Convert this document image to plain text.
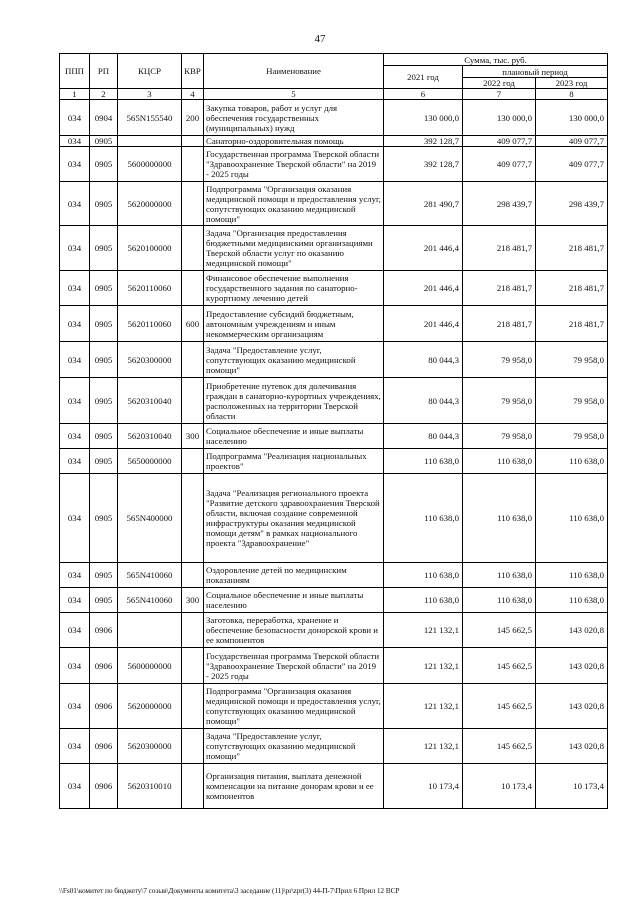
47
ППП	РП	КЦСР	КВР	Наименование	Сумма, тыс. руб.		
					2021 год	плановый период	
						2022 год	2023 год
1	2	3	4	5	6	7	8
034	0904	565N155540	200	Закупка товаров, работ и услуг для обеспечения государственных (муниципальных) нужд	130 000,0	130 000,0	130 000,0
034	0905			Санаторно-оздоровительная помощь	392 128,7	409 077,7	409 077,7
034	0905	5600000000		Государственная программа Тверской области "Здравоохранение Тверской области" на 2019 - 2025 годы	392 128,7	409 077,7	409 077,7
034	0905	5620000000		Подпрограмма "Организация оказания медицинской помощи и предоставления услуг, сопутствующих оказанию медицинской помощи"	281 490,7	298 439,7	298 439,7
034	0905	5620100000		Задача "Организация предоставления бюджетными медицинскими организациями Тверской области услуг по оказанию медицинской помощи"	201 446,4	218 481,7	218 481,7
034	0905	5620110060		Финансовое обеспечение выполнения государственного задания по санаторно-курортному лечению детей	201 446,4	218 481,7	218 481,7
034	0905	5620110060	600	Предоставление субсидий бюджетным, автономным учреждениям и иным некоммерческим организациям	201 446,4	218 481,7	218 481,7
034	0905	5620300000		Задача "Предоставление услуг, сопутствующих оказанию медицинской помощи"	80 044,3	79 958,0	79 958,0
034	0905	5620310040		Приобретение путевок для долечивания граждан в санаторно-курортных учреждениях, расположенных на территории Тверской области	80 044,3	79 958,0	79 958,0
034	0905	5620310040	300	Социальное обеспечение и иные выплаты населению	80 044,3	79 958,0	79 958,0
034	0905	5650000000		Подпрограмма "Реализация национальных проектов"	110 638,0	110 638,0	110 638,0
034	0905	565N400000		Задача "Реализация регионального проекта "Развитие детского здравоохранения Тверской области, включая создание современной инфраструктуры оказания медицинской помощи детям" в рамках национального проекта "Здравоохранение"	110 638,0	110 638,0	110 638,0
034	0905	565N410060		Оздоровление детей по медицинским показаниям	110 638,0	110 638,0	110 638,0
034	0905	565N410060	300	Социальное обеспечение и иные выплаты населению	110 638,0	110 638,0	110 638,0
034	0906			Заготовка, переработка, хранение и обеспечение безопасности донорской крови и ее компонентов	121 132,1	145 662,5	143 020,8
034	0906	5600000000		Государственная программа Тверской области "Здравоохранение Тверской области" на 2019 - 2025 годы	121 132,1	145 662,5	143 020,8
034	0906	5620000000		Подпрограмма "Организация оказания медицинской помощи и предоставления услуг, сопутствующих оказанию медицинской помощи"	121 132,1	145 662,5	143 020,8
034	0906	5620300000		Задача "Предоставление услуг, сопутствующих оказанию медицинской помощи"	121 132,1	145 662,5	143 020,8
034	0906	5620310010		Организация питания, выплата денежной компенсации на питание донорам крови и ее компонентов	10 173,4	10 173,4	10 173,4
\\Fs01\комитет по бюджету\7 созыв\Документы комитета\3 заседание (11)\pr\zpr(3) 44-П-7\Прил 6 Прил 12 ВСР
